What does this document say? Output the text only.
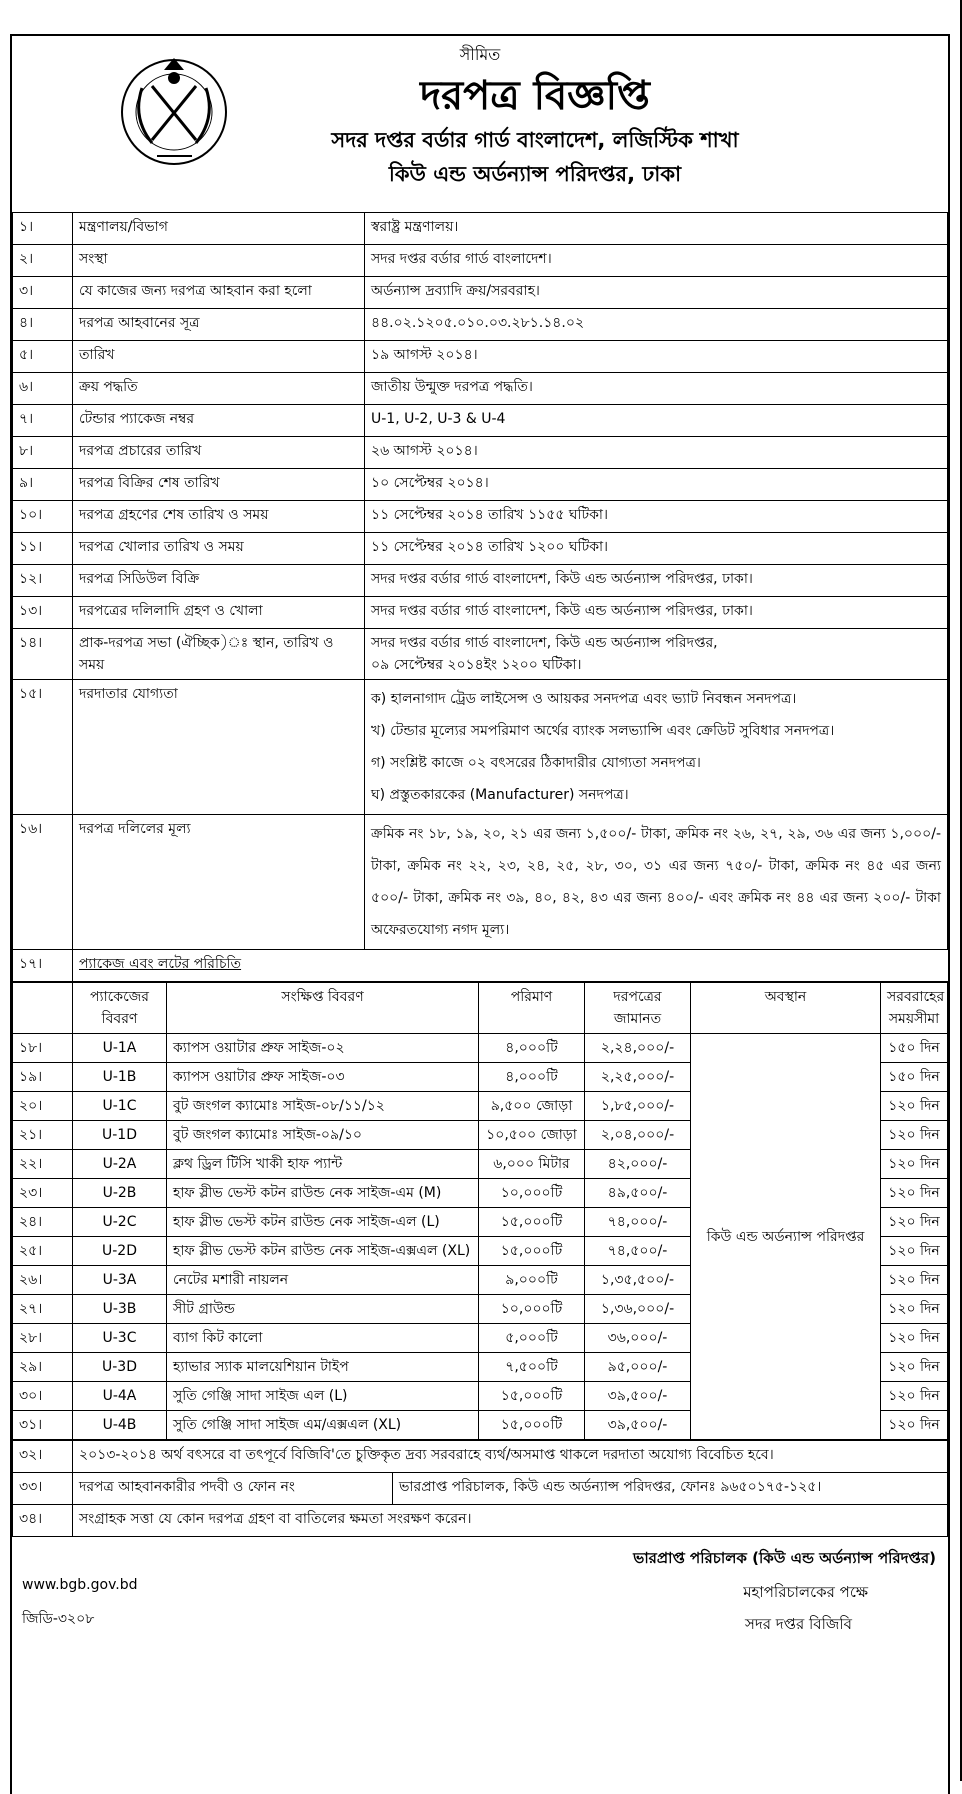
সীমিত
দরপত্র বিজ্ঞপ্তি
সদর দপ্তর বর্ডার গার্ড বাংলাদেশ, লজিস্টিক শাখা
কিউ এন্ড অর্ডন্যান্স পরিদপ্তর, ঢাকা
১।	মন্ত্রণালয়/বিভাগ	স্বরাষ্ট্র মন্ত্রণালয়।
২।	সংস্থা	সদর দপ্তর বর্ডার গার্ড বাংলাদেশ।
৩।	যে কাজের জন্য দরপত্র আহবান করা হলো	অর্ডন্যান্স দ্রব্যাদি ক্রয়/সরবরাহ।
৪।	দরপত্র আহবানের সূত্র	৪৪.০২.১২০৫.০১০.০৩.২৮১.১৪.০২
৫।	তারিখ	১৯ আগস্ট ২০১৪।
৬।	ক্রয় পদ্ধতি	জাতীয় উন্মুক্ত দরপত্র পদ্ধতি।
৭।	টেন্ডার প্যাকেজ নম্বর	U-1, U-2, U-3 & U-4
৮।	দরপত্র প্রচারের তারিখ	২৬ আগস্ট ২০১৪।
৯।	দরপত্র বিক্রির শেষ তারিখ	১০ সেপ্টেম্বর ২০১৪।
১০।	দরপত্র গ্রহণের শেষ তারিখ ও সময়	১১ সেপ্টেম্বর ২০১৪ তারিখ ১১৫৫ ঘটিকা।
১১।	দরপত্র খোলার তারিখ ও সময়	১১ সেপ্টেম্বর ২০১৪ তারিখ ১২০০ ঘটিকা।
১২।	দরপত্র সিডিউল বিক্রি	সদর দপ্তর বর্ডার গার্ড বাংলাদেশ, কিউ এন্ড অর্ডন্যান্স পরিদপ্তর, ঢাকা।
১৩।	দরপত্রের দলিলাদি গ্রহণ ও খোলা	সদর দপ্তর বর্ডার গার্ড বাংলাদেশ, কিউ এন্ড অর্ডন্যান্স পরিদপ্তর, ঢাকা।
১৪।	প্রাক-দরপত্র সভা (ঐচ্ছিক)ঃ স্থান, তারিখ ও সময়	সদর দপ্তর বর্ডার গার্ড বাংলাদেশ, কিউ এন্ড অর্ডন্যান্স পরিদপ্তর,
০৯ সেপ্টেম্বর ২০১৪ইং ১২০০ ঘটিকা।

১৫।	দরদাতার যোগ্যতা	ক) হালনাগাদ ট্রেড লাইসেন্স ও আয়কর সনদপত্র এবং ভ্যাট নিবন্ধন সনদপত্র।
খ) টেন্ডার মূল্যের সমপরিমাণ অর্থের ব্যাংক সলভ্যান্সি এবং ক্রেডিট সুবিধার সনদপত্র।
গ) সংশ্লিষ্ট কাজে ০২ বৎসরের ঠিকাদারীর যোগ্যতা সনদপত্র।
ঘ) প্রস্তুতকারকের (Manufacturer) সনদপত্র।

১৬।	দরপত্র দলিলের মূল্য	ক্রমিক নং ১৮, ১৯, ২০, ২১ এর জন্য ১,৫০০/- টাকা, ক্রমিক নং ২৬, ২৭, ২৯, ৩৬ এর জন্য ১,০০০/- টাকা, ক্রমিক নং ২২, ২৩, ২৪, ২৫, ২৮, ৩০, ৩১ এর জন্য ৭৫০/- টাকা, ক্রমিক নং ৪৫ এর জন্য ৫০০/- টাকা, ক্রমিক নং ৩৯, ৪০, ৪২, ৪৩ এর জন্য ৪০০/- এবং ক্রমিক নং ৪৪ এর জন্য ২০০/- টাকা অফেরতযোগ্য নগদ মূল্য।
১৭।	প্যাকেজ এবং লটের পরিচিতি	
	প্যাকেজের বিবরণ	সংক্ষিপ্ত বিবরণ	পরিমাণ	দরপত্রের জামানত	অবস্থান	সরবরাহের সময়সীমা
১৮।	U-1A	ক্যাপস ওয়াটার প্রুফ সাইজ-০২	৪,০০০টি	২,২৪,০০০/-	কিউ এন্ড অর্ডন্যান্স পরিদপ্তর	১৫০ দিন
১৯।	U-1B	ক্যাপস ওয়াটার প্রুফ সাইজ-০৩	৪,০০০টি	২,২৫,০০০/-		১৫০ দিন
২০।	U-1C	বুট জংগল ক্যামোঃ সাইজ-০৮/১১/১২	৯,৫০০ জোড়া	১,৮৫,০০০/-		১২০ দিন
২১।	U-1D	বুট জংগল ক্যামোঃ সাইজ-০৯/১০	১০,৫০০ জোড়া	২,০৪,০০০/-		১২০ দিন
২২।	U-2A	ক্লথ ড্রিল টিসি খাকী হাফ প্যান্ট	৬,০০০ মিটার	৪২,০০০/-		১২০ দিন
২৩।	U-2B	হাফ স্লীভ ভেস্ট কটন রাউন্ড নেক সাইজ-এম (M)	১০,০০০টি	৪৯,৫০০/-		১২০ দিন
২৪।	U-2C	হাফ স্লীভ ভেস্ট কটন রাউন্ড নেক সাইজ-এল (L)	১৫,০০০টি	৭৪,০০০/-		১২০ দিন
২৫।	U-2D	হাফ স্লীভ ভেস্ট কটন রাউন্ড নেক সাইজ-এক্সএল (XL)	১৫,০০০টি	৭৪,৫০০/-		১২০ দিন
২৬।	U-3A	নেটের মশারী নায়লন	৯,০০০টি	১,৩৫,৫০০/-		১২০ দিন
২৭।	U-3B	সীট গ্রাউন্ড	১০,০০০টি	১,৩৬,০০০/-		১২০ দিন
২৮।	U-3C	ব্যাগ কিট কালো	৫,০০০টি	৩৬,০০০/-		১২০ দিন
২৯।	U-3D	হ্যাভার স্যাক মালয়েশিয়ান টাইপ	৭,৫০০টি	৯৫,০০০/-		১২০ দিন
৩০।	U-4A	সুতি গেঞ্জি সাদা সাইজ এল (L)	১৫,০০০টি	৩৯,৫০০/-		১২০ দিন
৩১।	U-4B	সুতি গেঞ্জি সাদা সাইজ এম/এক্সএল (XL)	১৫,০০০টি	৩৯,৫০০/-		১২০ দিন
৩২।	২০১৩-২০১৪ অর্থ বৎসরে বা তৎপূর্বে বিজিবি'তে চুক্তিকৃত দ্রব্য সরবরাহে ব্যর্থ/অসমাপ্ত থাকলে দরদাতা অযোগ্য বিবেচিত হবে।	
৩৩।	দরপত্র আহবানকারীর পদবী ও ফোন নং	ভারপ্রাপ্ত পরিচালক, কিউ এন্ড অর্ডন্যান্স পরিদপ্তর, ফোনঃ ৯৬৫০১৭৫-১২৫।
৩৪।	সংগ্রাহক সত্তা যে কোন দরপত্র গ্রহণ বা বাতিলের ক্ষমতা সংরক্ষণ করেন।	
ভারপ্রাপ্ত পরিচালক (কিউ এন্ড অর্ডন্যান্স পরিদপ্তর)
মহাপরিচালকের পক্ষে
সদর দপ্তর বিজিবি
www.bgb.gov.bd
জিডি-৩২০৮
